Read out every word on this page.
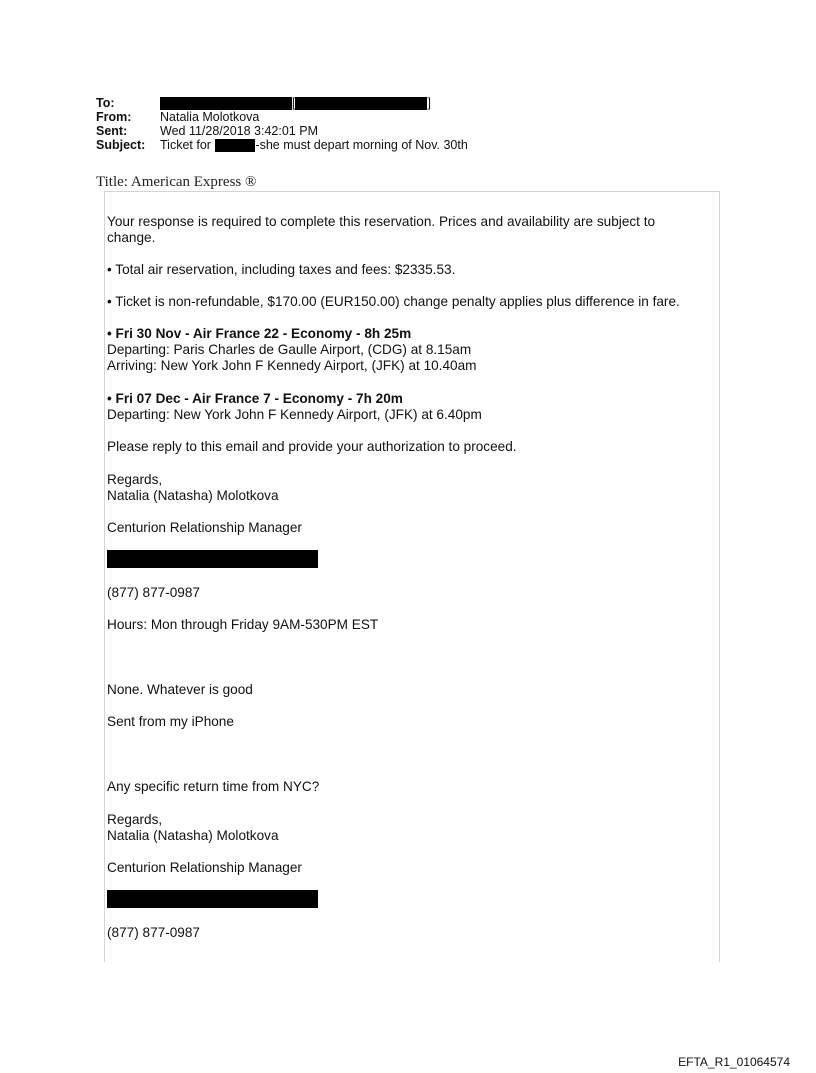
To:	[	]
From: Natalia Molotkova
Sent:	Wed 11/28/2018 3:42:01 PM
Subject: Ticket for	-she must depart morning of Nov. 30th
Title: American Express ®
Your response is required to complete this reservation. Prices and availability are subject to
change.
• Total air reservation, including taxes and fees: $2335.53.
• Ticket is non-refundable, $170.00 (EUR150.00) change penalty applies plus difference in fare.
• Fri 30 Nov - Air France 22 - Economy - 8h 25m
Departing: Paris Charles de Gaulle Airport, (CDG) at 8.15am
Arriving: New York John F Kennedy Airport, (JFK) at 10.40am
• Fri 07 Dec - Air France 7 - Economy - 7h 20m
Departing: New York John F Kennedy Airport, (JFK) at 6.40pm
Please reply to this email and provide your authorization to proceed.
Regards,
Natalia (Natasha) Molotkova
Centurion Relationship Manager
(877) 877-0987
Hours: Mon through Friday 9AM-530PM EST
None. Whatever is good
Sent from my iPhone
Any specific return time from NYC?
Regards,
Natalia (Natasha) Molotkova
Centurion Relationship Manager
(877) 877-0987
EFTA_R1_01064574
